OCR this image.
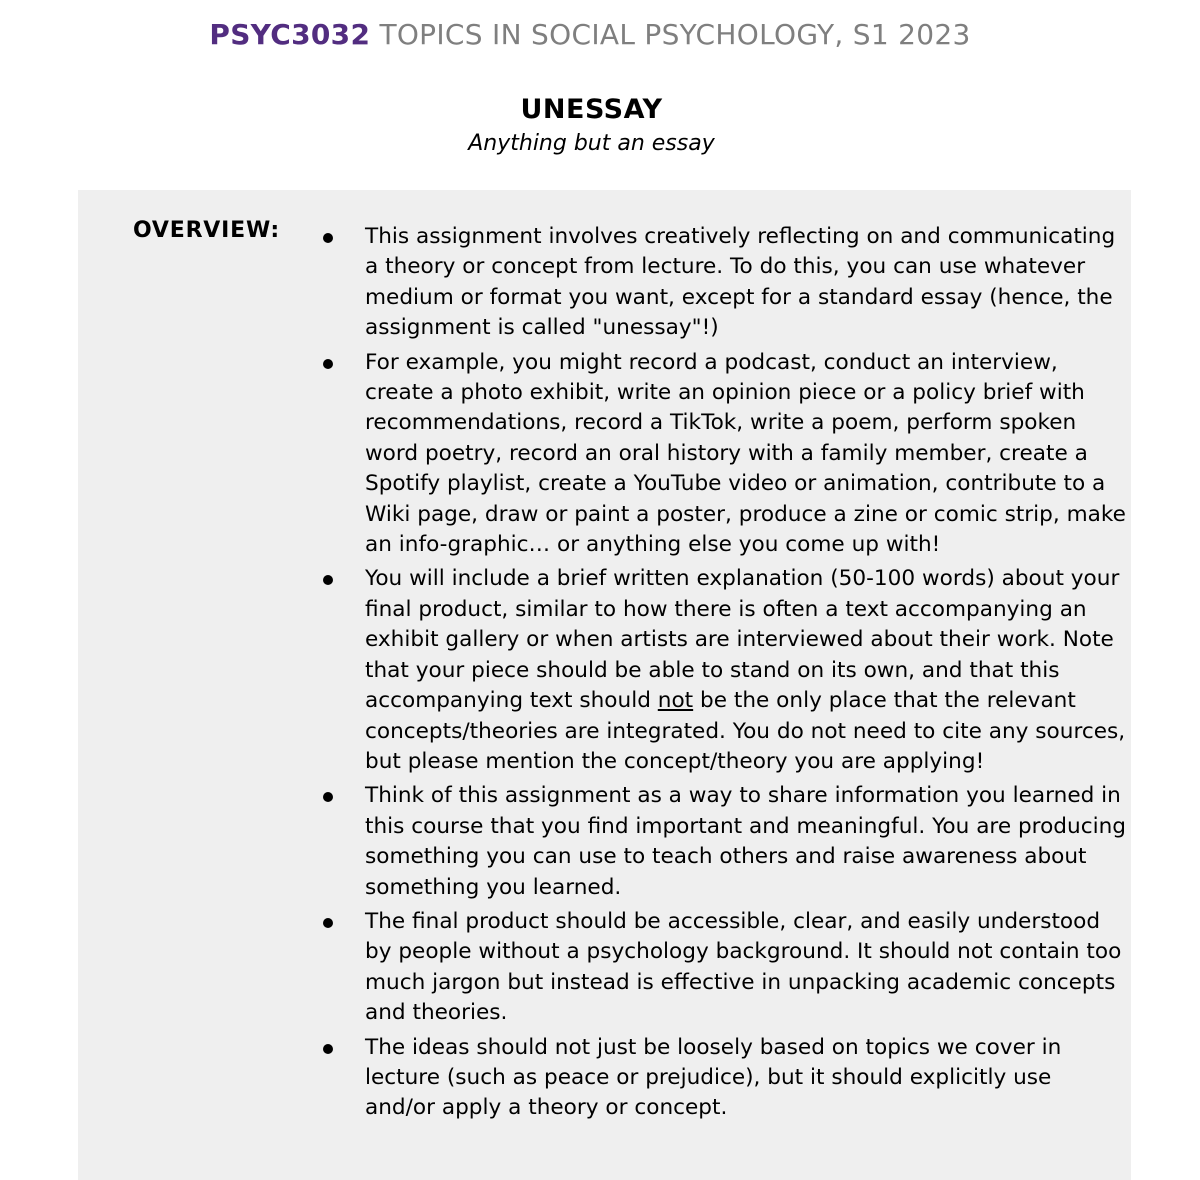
PSYC3032 TOPICS IN SOCIAL PSYCHOLOGY, S1 2023
UNESSAY
Anything but an essay
OVERVIEW:	This assignment involves creatively reflecting on and communicating a theory or concept from lecture. To do this, you can use whatever medium or format you want, except for a standard essay (hence, the assignment is called "unessay"!)
For example, you might record a podcast, conduct an interview, create a photo exhibit, write an opinion piece or a policy brief with recommendations, record a TikTok, write a poem, perform spoken word poetry, record an oral history with a family member, create a Spotify playlist, create a YouTube video or animation, contribute to a Wiki page, draw or paint a poster, produce a zine or comic strip, make an info-graphic… or anything else you come up with!
You will include a brief written explanation (50-100 words) about your final product, similar to how there is often a text accompanying an exhibit gallery or when artists are interviewed about their work. Note that your piece should be able to stand on its own, and that this accompanying text should not be the only place that the relevant concepts/theories are integrated. You do not need to cite any sources, but please mention the concept/theory you are applying!
Think of this assignment as a way to share information you learned in this course that you find important and meaningful. You are producing something you can use to teach others and raise awareness about something you learned.
The final product should be accessible, clear, and easily understood by people without a psychology background. It should not contain too much jargon but instead is effective in unpacking academic concepts and theories.
The ideas should not just be loosely based on topics we cover in lecture (such as peace or prejudice), but it should explicitly use and/or apply a theory or concept.
